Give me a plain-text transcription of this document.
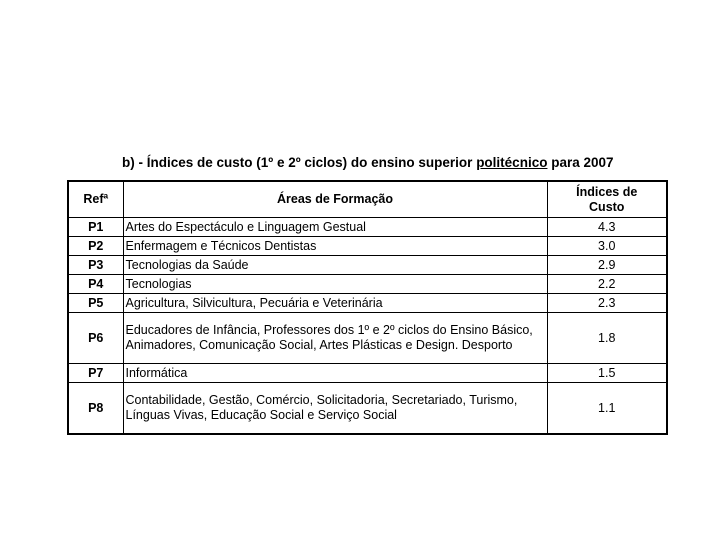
b) - Índices de custo (1º e 2º ciclos) do ensino superior politécnico para 2007
Refª	Áreas de Formação	Índices de
Custo
P1	Artes do Espectáculo e Linguagem Gestual	4.3
P2	Enfermagem e Técnicos Dentistas	3.0
P3	Tecnologias da Saúde	2.9
P4	Tecnologias	2.2
P5	Agricultura, Silvicultura, Pecuária e Veterinária	2.3
P6	Educadores de Infância, Professores dos 1º e 2º ciclos do Ensino Básico, Animadores, Comunicação Social, Artes Plásticas e Design. Desporto	1.8
P7	Informática	1.5
P8	Contabilidade, Gestão, Comércio, Solicitadoria, Secretariado, Turismo, Línguas Vivas, Educação Social e Serviço Social	1.1
